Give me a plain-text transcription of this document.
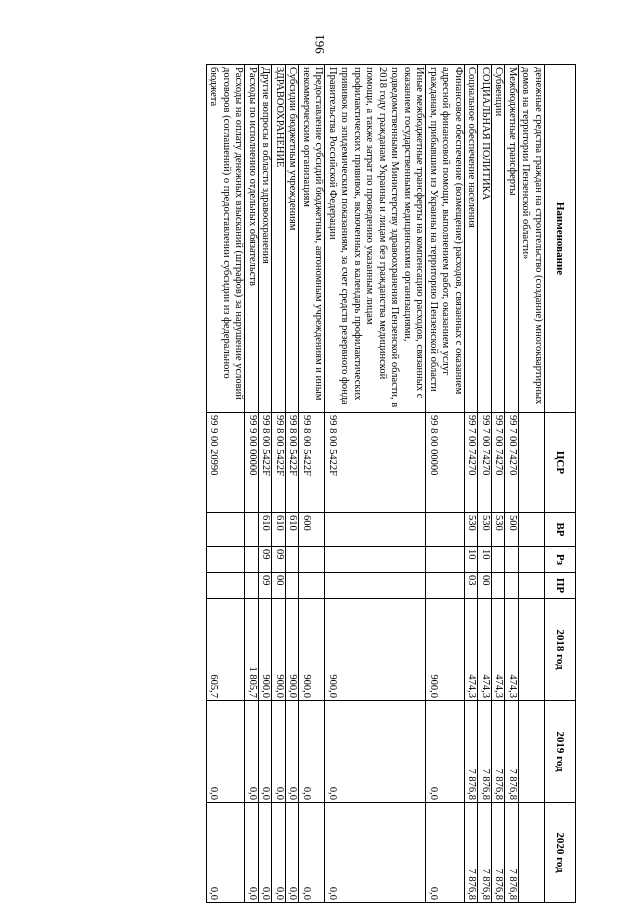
961
Наименование	ЦСР	ВР	Рз	ПР	2018 год	2019 год	2020 год
денежные средства граждан на строительство (создание) многоквартирных домов на территории Пензенской области»							
Межбюджетные трансферты	99 7 00 74270	500			474,3	7 876,8	7 876,8
Субвенции	99 7 00 74270	530			474,3	7 876,8	7 876,8
СОЦИАЛЬНАЯ ПОЛИТИКА	99 7 00 74270	530	10	00	474,3	7 876,8	7 876,8
Социальное обеспечение населения	99 7 00 74270	530	10	03	474,3	7 876,8	7 876,8
Финансовое обеспечение (возмещение) расходов, связанных с оказанием адресной финансовой помощи, выполнением работ, оказанием услуг гражданам, прибывшим из Украины на территорию Пензенской области	99 8 00 00000				900,0	0,0	0,0
Иные межбюджетные трансферты на компенсацию расходов, связанных с оказанием государственными медицинскими организациями, подведомственными Министерству здравоохранения Пензенской области, в 2018 году гражданам Украины и лицам без гражданства медицинской помощи, а также затрат по проведению указанным лицам профилактических прививок, включенных в календарь профилактических прививок по эпидемическим показаниям, за счет средств резервного фонда Правительства Российской Федерации	99 8 00 5422F				900,0	0,0	0,0
Предоставление субсидий бюджетным, автономным учреждениям и иным некоммерческим организациям	99 8 00 5422F	600			900,0	0,0	0,0
Субсидии бюджетным учреждениям	99 8 00 5422F	610			900,0	0,0	0,0
ЗДРАВООХРАНЕНИЕ	99 8 00 5422F	610	09	00	900,0	0,0	0,0
Другие вопросы в области здравоохранения	99 8 00 5422F	610	09	09	900,0	0,0	0,0
Расходы по исполнению отдельных обязательств	99 9 00 00000				1 805,7	0,0	0,0
Расходы на оплату денежных взысканий (штрафов) за нарушение условий договоров (соглашений) о предоставлении субсидии из федерального бюджета	99 9 00 20990				605,7	0,0	0,0
